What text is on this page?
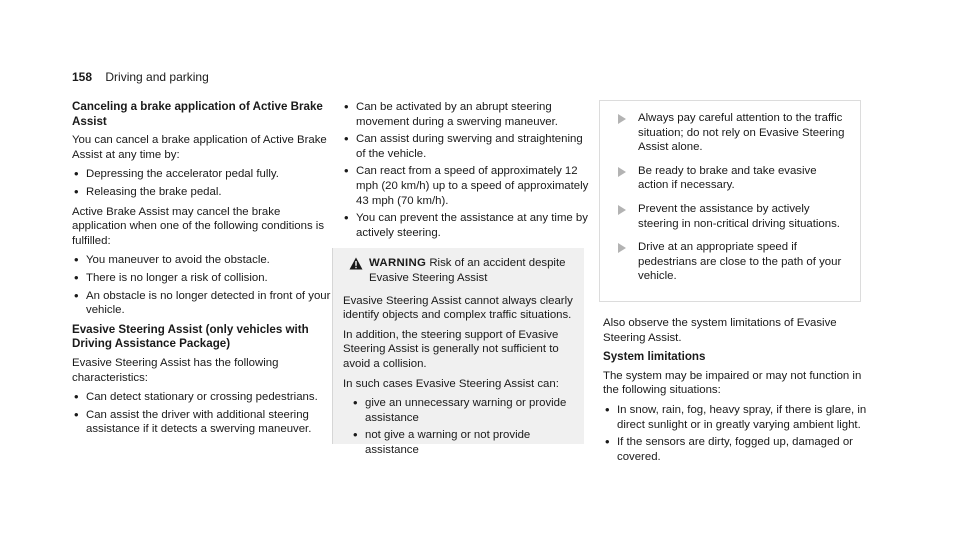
158 Driving and parking
Canceling a brake application of Active Brake Assist

You can cancel a brake application of Active Brake Assist at any time by:

• Depressing the accelerator pedal fully.
• Releasing the brake pedal.

Active Brake Assist may cancel the brake application when one of the following conditions is fulfilled:

• You maneuver to avoid the obstacle.
• There is no longer a risk of collision.
• An obstacle is no longer detected in front of your vehicle.
Evasive Steering Assist (only vehicles with Driving Assistance Package)

Evasive Steering Assist has the following characteristics:

• Can detect stationary or crossing pedestrians.
• Can assist the driver with additional steering assistance if it detects a swerving maneuver.
• Can be activated by an abrupt steering movement during a swerving maneuver.
• Can assist during swerving and straightening of the vehicle.
• Can react from a speed of approximately 12 mph (20 km/h) up to a speed of approximately 43 mph (70 km/h).
• You can prevent the assistance at any time by actively steering.
WARNING Risk of an accident despite Evasive Steering Assist

Evasive Steering Assist cannot always clearly identify objects and complex traffic situations.

In addition, the steering support of Evasive Steering Assist is generally not sufficient to avoid a collision.

In such cases Evasive Steering Assist can:

• give an unnecessary warning or provide assistance
• not give a warning or not provide assistance
Always pay careful attention to the traffic situation; do not rely on Evasive Steering Assist alone.
Be ready to brake and take evasive action if necessary.
Prevent the assistance by actively steering in non-critical driving situations.
Drive at an appropriate speed if pedestrians are close to the path of your vehicle.

Also observe the system limitations of Evasive Steering Assist.

System limitations

The system may be impaired or may not function in the following situations:

• In snow, rain, fog, heavy spray, if there is glare, in direct sunlight or in greatly varying ambient light.
• If the sensors are dirty, fogged up, damaged or covered.
